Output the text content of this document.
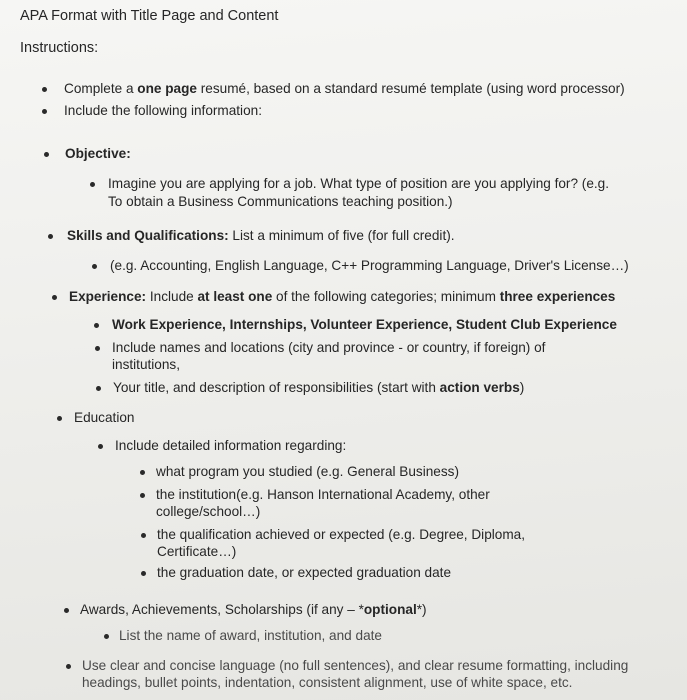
APA Format with Title Page and Content
Instructions:
Complete a one page resumé, based on a standard resumé template (using word processor)
Include the following information:
Objective:
Imagine you are applying for a job. What type of position are you applying for? (e.g.
To obtain a Business Communications teaching position.)
Skills and Qualifications: List a minimum of five (for full credit).
(e.g. Accounting, English Language, C++ Programming Language, Driver's License…)
Experience: Include at least one of the following categories; minimum three experiences
Work Experience, Internships, Volunteer Experience, Student Club Experience
Include names and locations (city and province - or country, if foreign) of
institutions,
Your title, and description of responsibilities (start with action verbs)
Education
Include detailed information regarding:
what program you studied (e.g. General Business)
the institution(e.g. Hanson International Academy, other
college/school…)
the qualification achieved or expected (e.g. Degree, Diploma,
Certificate…)
the graduation date, or expected graduation date
Awards, Achievements, Scholarships (if any – *optional*)
List the name of award, institution, and date
Use clear and concise language (no full sentences), and clear resume formatting, including
headings, bullet points, indentation, consistent alignment, use of white space, etc.
